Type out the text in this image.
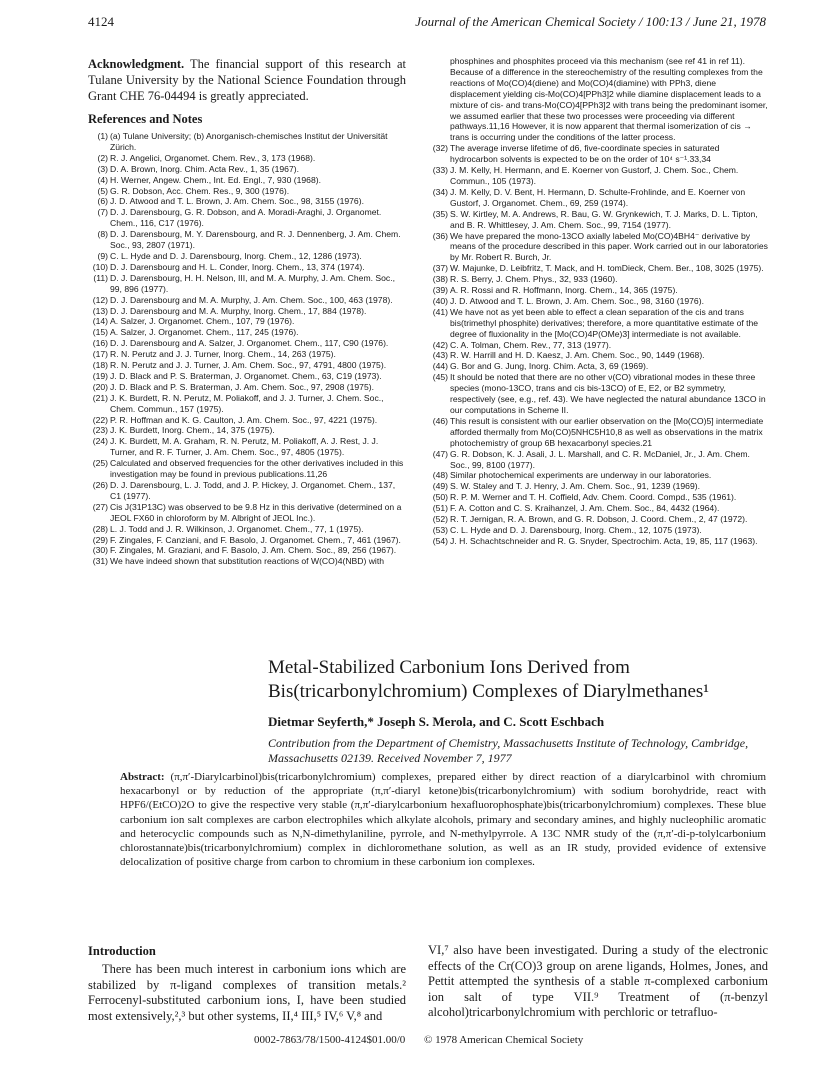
4124	Journal of the American Chemical Society / 100:13 / June 21, 1978

Acknowledgment. The financial support of this research at Tulane University by the National Science Foundation through Grant CHE 76-04494 is greatly appreciated.

References and Notes
(1) (a) Tulane University; (b) Anorganisch-chemisches Institut der Universität Zürich.
(2) R. J. Angelici, Organomet. Chem. Rev., 3, 173 (1968).
(3) D. A. Brown, Inorg. Chim. Acta Rev., 1, 35 (1967).
(4) H. Werner, Angew. Chem., Int. Ed. Engl., 7, 930 (1968).
(5) G. R. Dobson, Acc. Chem. Res., 9, 300 (1976).
(6) J. D. Atwood and T. L. Brown, J. Am. Chem. Soc., 98, 3155 (1976).
(7) D. J. Darensbourg, G. R. Dobson, and A. Moradi-Araghi, J. Organomet. Chem., 116, C17 (1976).
(8) D. J. Darensbourg, M. Y. Darensbourg, and R. J. Dennenberg, J. Am. Chem. Soc., 93, 2807 (1971).
(9) C. L. Hyde and D. J. Darensbourg, Inorg. Chem., 12, 1286 (1973).
(10) D. J. Darensbourg and H. L. Conder, Inorg. Chem., 13, 374 (1974).
(11) D. J. Darensbourg, H. H. Nelson, III, and M. A. Murphy, J. Am. Chem. Soc., 99, 896 (1977).
(12) D. J. Darensbourg and M. A. Murphy, J. Am. Chem. Soc., 100, 463 (1978).
(13) D. J. Darensbourg and M. A. Murphy, Inorg. Chem., 17, 884 (1978).
(14) A. Salzer, J. Organomet. Chem., 107, 79 (1976).
(15) A. Salzer, J. Organomet. Chem., 117, 245 (1976).
(16) D. J. Darensbourg and A. Salzer, J. Organomet. Chem., 117, C90 (1976).
(17) R. N. Perutz and J. J. Turner, Inorg. Chem., 14, 263 (1975).
(18) R. N. Perutz and J. J. Turner, J. Am. Chem. Soc., 97, 4791, 4800 (1975).
(19) J. D. Black and P. S. Braterman, J. Organomet. Chem., 63, C19 (1973).
(20) J. D. Black and P. S. Braterman, J. Am. Chem. Soc., 97, 2908 (1975).
(21) J. K. Burdett, R. N. Perutz, M. Poliakoff, and J. J. Turner, J. Chem. Soc., Chem. Commun., 157 (1975).
(22) P. R. Hoffman and K. G. Caulton, J. Am. Chem. Soc., 97, 4221 (1975).
(23) J. K. Burdett, Inorg. Chem., 14, 375 (1975).
(24) J. K. Burdett, M. A. Graham, R. N. Perutz, M. Poliakoff, A. J. Rest, J. J. Turner, and R. F. Turner, J. Am. Chem. Soc., 97, 4805 (1975).
(25) Calculated and observed frequencies for the other derivatives included in this investigation may be found in previous publications.11,26
(26) D. J. Darensbourg, L. J. Todd, and J. P. Hickey, J. Organomet. Chem., 137, C1 (1977).
(27) Cis J(31P13C) was observed to be 9.8 Hz in this derivative (determined on a JEOL FX60 in chloroform by M. Albright of JEOL Inc.).
(28) L. J. Todd and J. R. Wilkinson, J. Organomet. Chem., 77, 1 (1975).
(29) F. Zingales, F. Canziani, and F. Basolo, J. Organomet. Chem., 7, 461 (1967).
(30) F. Zingales, M. Graziani, and F. Basolo, J. Am. Chem. Soc., 89, 256 (1967).
(31) We have indeed shown that substitution reactions of W(CO)4(NBD) with
phosphines and phosphites proceed via this mechanism (see ref 41 in ref 11). Because of a difference in the stereochemistry of the resulting complexes from the reactions of Mo(CO)4(diene) and Mo(CO)4(diamine) with PPh3, diene displacement yielding cis-Mo(CO)4[PPh3]2 while diamine displacement leads to a mixture of cis- and trans-Mo(CO)4[PPh3]2 with trans being the predominant isomer, we assumed earlier that these two processes were proceeding via different pathways.11,16 However, it is now apparent that thermal isomerization of cis → trans is occurring under the conditions of the latter process.
(32) The average inverse lifetime of d6, five-coordinate species in saturated hydrocarbon solvents is expected to be on the order of 10⁴ s⁻¹.33,34
(33) J. M. Kelly, H. Hermann, and E. Koerner von Gustorf, J. Chem. Soc., Chem. Commun., 105 (1973).
(34) J. M. Kelly, D. V. Bent, H. Hermann, D. Schulte-Frohlinde, and E. Koerner von Gustorf, J. Organomet. Chem., 69, 259 (1974).
(35) S. W. Kirtley, M. A. Andrews, R. Bau, G. W. Grynkewich, T. J. Marks, D. L. Tipton, and B. R. Whittlesey, J. Am. Chem. Soc., 99, 7154 (1977).
(36) We have prepared the mono-13CO axially labeled Mo(CO)4BH4⁻ derivative by means of the procedure described in this paper. Work carried out in our laboratories by Mr. Robert R. Burch, Jr.
(37) W. Majunke, D. Leibfritz, T. Mack, and H. tomDieck, Chem. Ber., 108, 3025 (1975).
(38) R. S. Berry, J. Chem. Phys., 32, 933 (1960).
(39) A. R. Rossi and R. Hoffmann, Inorg. Chem., 14, 365 (1975).
(40) J. D. Atwood and T. L. Brown, J. Am. Chem. Soc., 98, 3160 (1976).
(41) We have not as yet been able to effect a clean separation of the cis and trans bis(trimethyl phosphite) derivatives; therefore, a more quantitative estimate of the degree of fluxionality in the [Mo(CO)4P(OMe)3] intermediate is not available.
(42) C. A. Tolman, Chem. Rev., 77, 313 (1977).
(43) R. W. Harrill and H. D. Kaesz, J. Am. Chem. Soc., 90, 1449 (1968).
(44) G. Bor and G. Jung, Inorg. Chim. Acta, 3, 69 (1969).
(45) It should be noted that there are no other ν(CO) vibrational modes in these three species (mono-13CO, trans and cis bis-13CO) of E, E2, or B2 symmetry, respectively (see, e.g., ref. 43). We have neglected the natural abundance 13CO in our computations in Scheme II.
(46) This result is consistent with our earlier observation on the [Mo(CO)5] intermediate afforded thermally from Mo(CO)5NHC5H10,8 as well as observations in the matrix photochemistry of group 6B hexacarbonyl species.21
(47) G. R. Dobson, K. J. Asali, J. L. Marshall, and C. R. McDaniel, Jr., J. Am. Chem. Soc., 99, 8100 (1977).
(48) Similar photochemical experiments are underway in our laboratories.
(49) S. W. Staley and T. J. Henry, J. Am. Chem. Soc., 91, 1239 (1969).
(50) R. P. M. Werner and T. H. Coffield, Adv. Chem. Coord. Compd., 535 (1961).
(51) F. A. Cotton and C. S. Kraihanzel, J. Am. Chem. Soc., 84, 4432 (1964).
(52) R. T. Jernigan, R. A. Brown, and G. R. Dobson, J. Coord. Chem., 2, 47 (1972).
(53) C. L. Hyde and D. J. Darensbourg, Inorg. Chem., 12, 1075 (1973).
(54) J. H. Schachtschneider and R. G. Snyder, Spectrochim. Acta, 19, 85, 117 (1963).
Metal-Stabilized Carbonium Ions Derived from
Bis(tricarbonylchromium) Complexes of Diarylmethanes¹
Dietmar Seyferth,* Joseph S. Merola, and C. Scott Eschbach
Contribution from the Department of Chemistry, Massachusetts Institute of Technology, Cambridge, Massachusetts 02139. Received November 7, 1977

Abstract: (π,π′-Diarylcarbinol)bis(tricarbonylchromium) complexes, prepared either by direct reaction of a diarylcarbinol with chromium hexacarbonyl or by reduction of the appropriate (π,π′-diaryl ketone)bis(tricarbonylchromium) with sodium borohydride, react with HPF6/(EtCO)2O to give the respective very stable (π,π′-diarylcarbonium hexafluorophosphate)bis(tricarbonylchromium) complexes. These blue carbonium ion salt complexes are carbon electrophiles which alkylate alcohols, primary and secondary amines, and highly nucleophilic aromatic and heterocyclic compounds such as N,N-dimethylaniline, pyrrole, and N-methylpyrrole. A 13C NMR study of the (π,π′-di-p-tolylcarbonium chlorostannate)bis(tricarbonylchromium) complex in dichloromethane solution, as well as an IR study, provided evidence of extensive delocalization of positive charge from carbon to chromium in these carbonium ion complexes.

Introduction

There has been much interest in carbonium ions which are stabilized by π-ligand complexes of transition metals.² Ferrocenyl-substituted carbonium ions, I, have been studied most extensively,²,³ but other systems, II,⁴ III,⁵ IV,⁶ V,⁸ and

VI,⁷ also have been investigated. During a study of the electronic effects of the Cr(CO)3 group on arene ligands, Holmes, Jones, and Pettit attempted the synthesis of a stable π-complexed carbonium ion salt of type VII.⁹ Treatment of (π-benzyl alcohol)tricarbonylchromium with perchloric or tetrafluo-

0002-7863/78/1500-4124$01.00/0 © 1978 American Chemical Society
